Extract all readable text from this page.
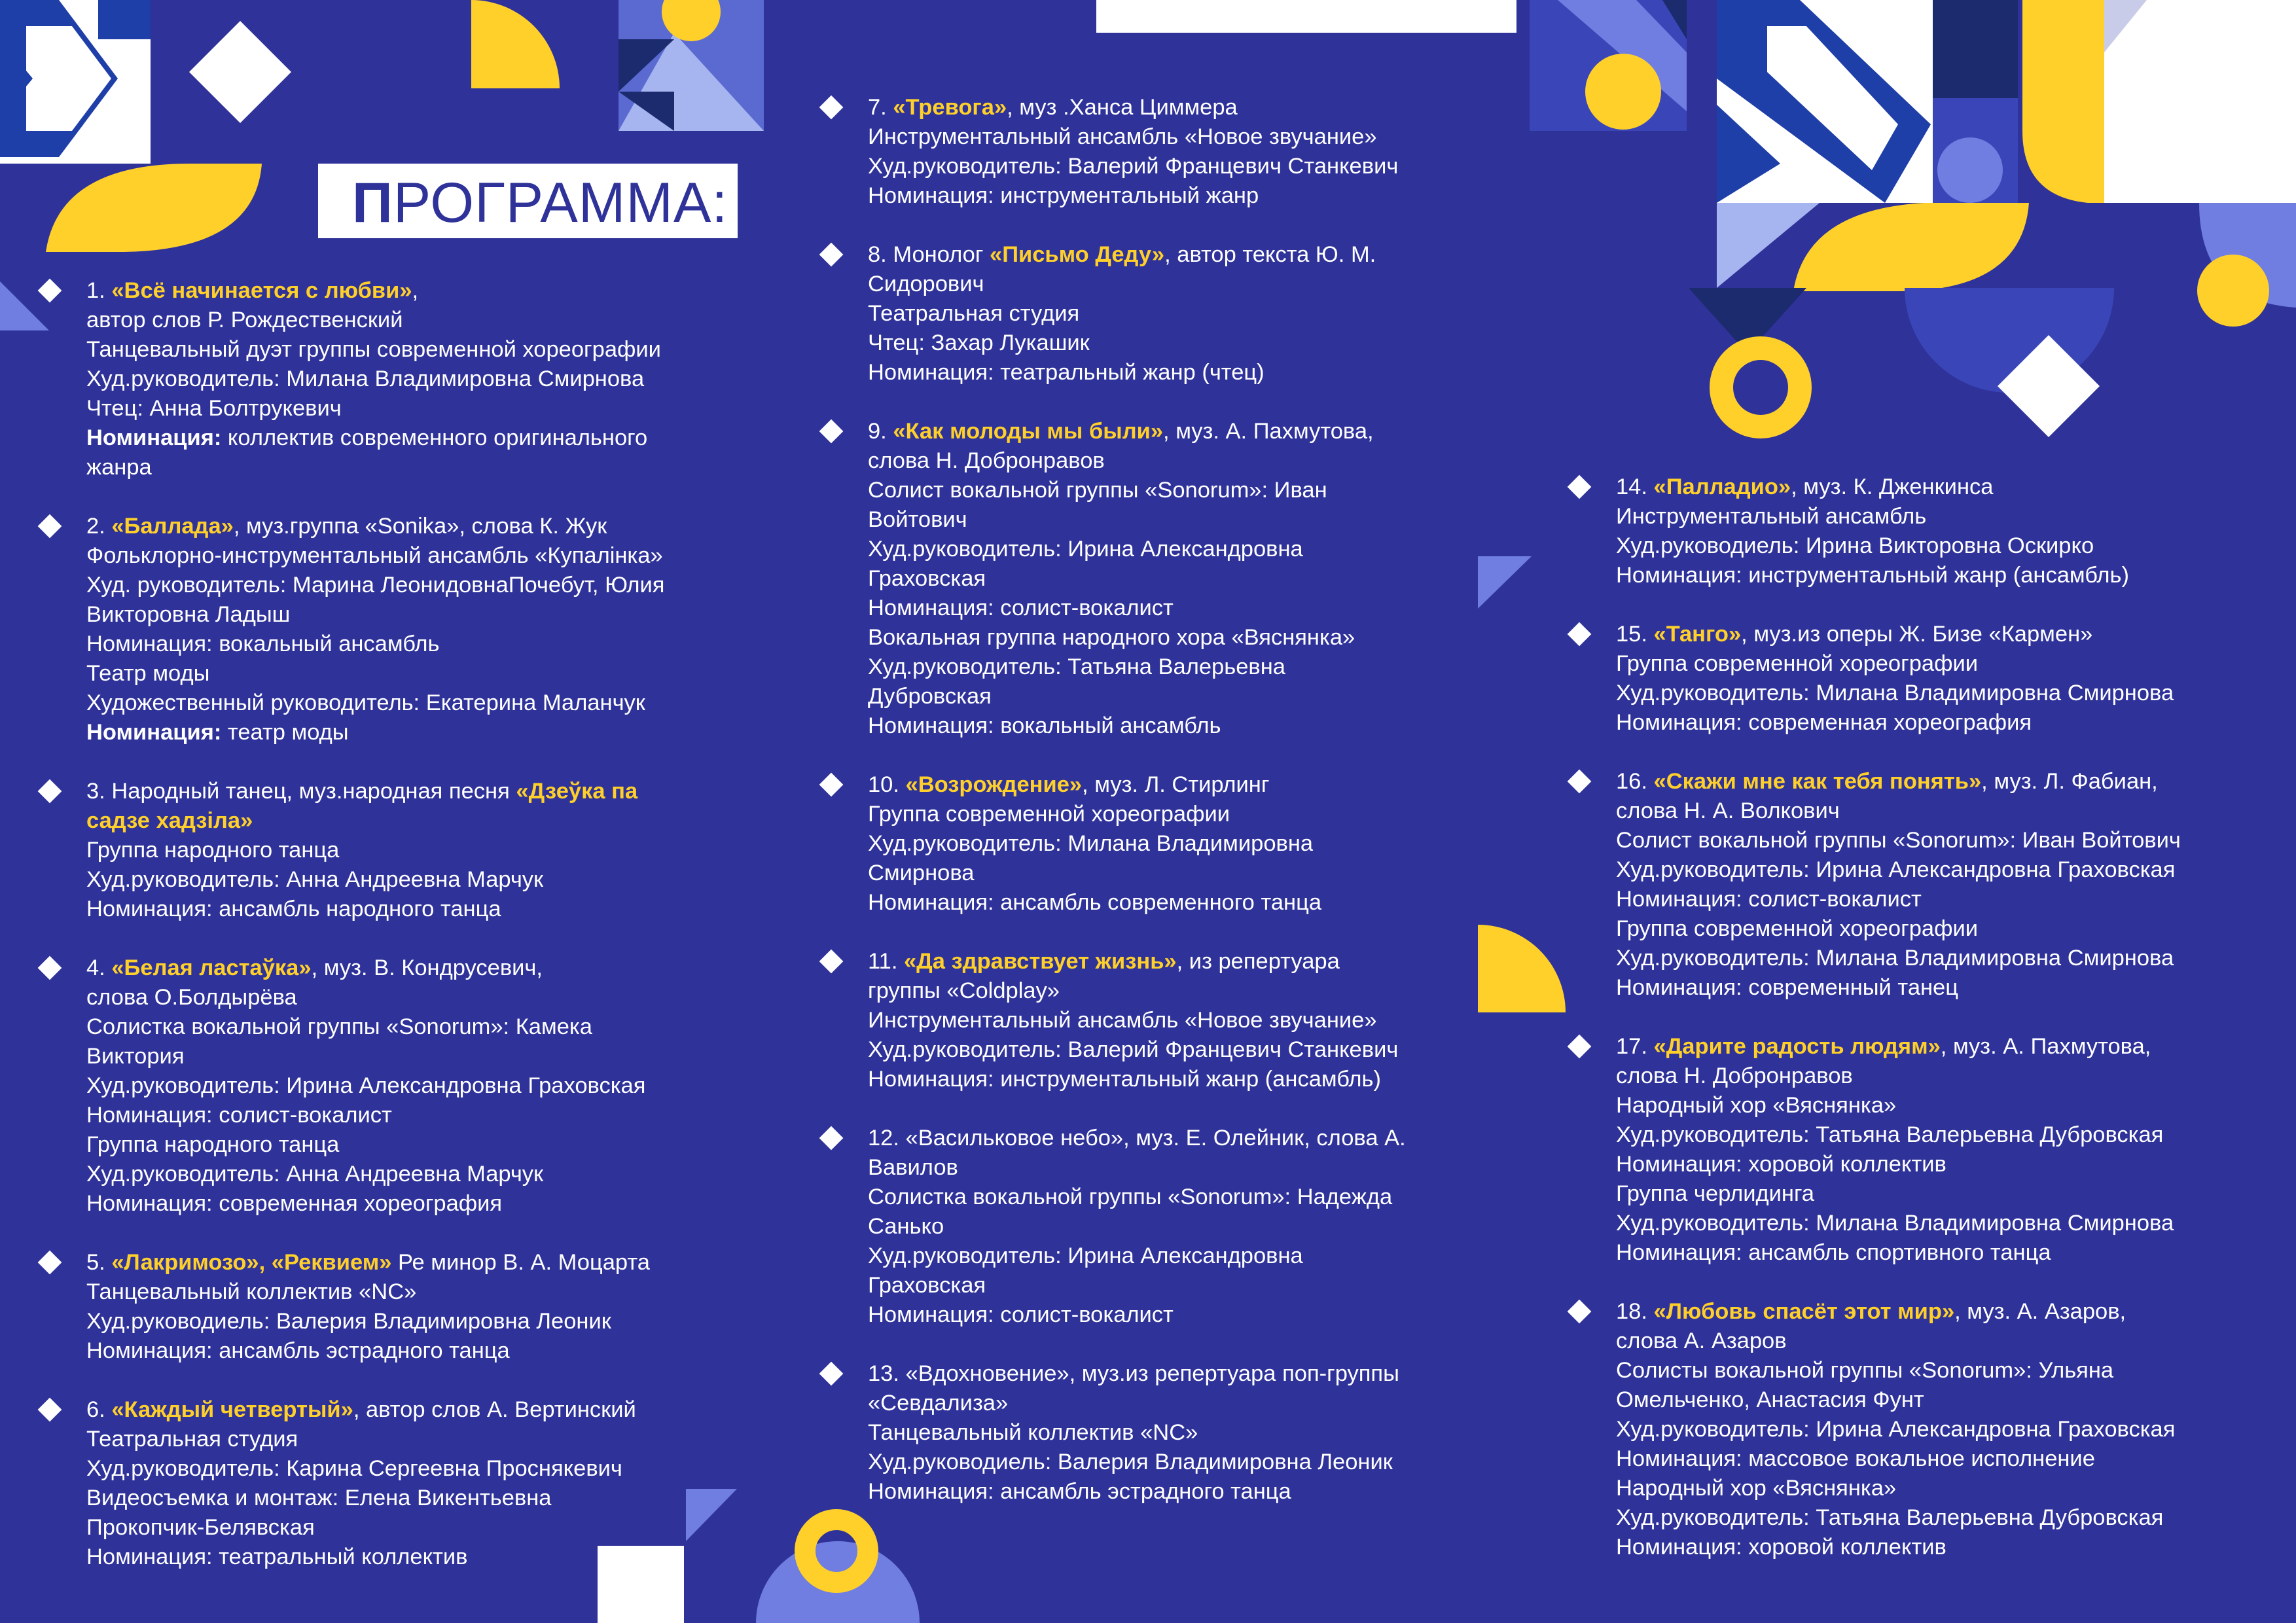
ПРОГРАММА:
1. «Всё начинается с любви»,
автор слов Р. Рождественский
Танцевальный дуэт группы современной хореографии
Худ.руководитель: Милана Владимировна Смирнова
Чтец: Анна Болтрукевич
Номинация: коллектив современного оригинального
жанра
2. «Баллада», муз.группа «Sonika», слова К. Жук
Фольклорно-инструментальный ансамбль «Купалінка»
Худ. руководитель: Марина ЛеонидовнаПочебут, Юлия
Викторовна Ладыш
Номинация: вокальный ансамбль
Театр моды
Художественный руководитель: Екатерина Маланчук
Номинация: театр моды
3. Народный танец, муз.народная песня «Дзеўка па
садзе хадзіла»
Группа народного танца
Худ.руководитель: Анна Андреевна Марчук
Номинация: ансамбль народного танца
4. «Белая ластаўка», муз. В. Кондрусевич,
слова О.Болдырёва
Солистка вокальной группы «Sonorum»: Камека
Виктория
Худ.руководитель: Ирина Александровна Граховская
Номинация: солист-вокалист
Группа народного танца
Худ.руководитель: Анна Андреевна Марчук
Номинация: современная хореография
5. «Лакримозо», «Реквием» Ре минор В. А. Моцарта
Танцевальный коллектив «NC»
Худ.руководиель: Валерия Владимировна Леоник
Номинация: ансамбль эстрадного танца
6. «Каждый четвертый», автор слов А. Вертинский
Театральная студия
Худ.руководитель: Карина Сергеевна Проснякевич
Видеосъемка и монтаж: Елена Викентьевна
Прокопчик-Белявская
Номинация: театральный коллектив
7. «Тревога», муз .Ханса Циммера
Инструментальный ансамбль «Новое звучание»
Худ.руководитель: Валерий Францевич Станкевич
Номинация: инструментальный жанр
8. Монолог «Письмо Деду», автор текста Ю. М.
Сидорович
Театральная студия
Чтец: Захар Лукашик
Номинация: театральный жанр (чтец)
9. «Как молоды мы были», муз. А. Пахмутова,
слова Н. Добронравов
Солист вокальной группы «Sonorum»: Иван
Войтович
Худ.руководитель: Ирина Александровна
Граховская
Номинация: солист-вокалист
Вокальная группа народного хора «Вяснянка»
Худ.руководитель: Татьяна Валерьевна
Дубровская
Номинация: вокальный ансамбль
10. «Возрождение», муз. Л. Стирлинг
Группа современной хореографии
Худ.руководитель: Милана Владимировна
Смирнова
Номинация: ансамбль современного танца
11. «Да здравствует жизнь», из репертуара
группы «Coldplay»
Инструментальный ансамбль «Новое звучание»
Худ.руководитель: Валерий Францевич Станкевич
Номинация: инструментальный жанр (ансамбль)
12. «Васильковое небо», муз. Е. Олейник, слова А.
Вавилов
Солистка вокальной группы «Sonorum»: Надежда
Санько
Худ.руководитель: Ирина Александровна
Граховская
Номинация: солист-вокалист
13. «Вдохновение», муз.из репертуара поп-группы
«Севдализа»
Танцевальный коллектив «NC»
Худ.руководиель: Валерия Владимировна Леоник
Номинация: ансамбль эстрадного танца
14. «Палладио», муз. К. Дженкинса
Инструментальный ансамбль
Худ.руководиель: Ирина Викторовна Оскирко
Номинация: инструментальный жанр (ансамбль)
15. «Танго», муз.из оперы Ж. Бизе «Кармен»
Группа современной хореографии
Худ.руководитель: Милана Владимировна Смирнова
Номинация: современная хореография
16. «Скажи мне как тебя понять», муз. Л. Фабиан,
слова Н. А. Волкович
Солист вокальной группы «Sonorum»: Иван Войтович
Худ.руководитель: Ирина Александровна Граховская
Номинация: солист-вокалист
Группа современной хореографии
Худ.руководитель: Милана Владимировна Смирнова
Номинация: современный танец
17. «Дарите радость людям», муз. А. Пахмутова,
слова Н. Добронравов
Народный хор «Вяснянка»
Худ.руководитель: Татьяна Валерьевна Дубровская
Номинация: хоровой коллектив
Группа черлидинга
Худ.руководитель: Милана Владимировна Смирнова
Номинация: ансамбль спортивного танца
18. «Любовь спасёт этот мир», муз. А. Азаров,
слова А. Азаров
Солисты вокальной группы «Sonorum»: Ульяна
Омельченко, Анастасия Фунт
Худ.руководитель: Ирина Александровна Граховская
Номинация: массовое вокальное исполнение
Народный хор «Вяснянка»
Худ.руководитель: Татьяна Валерьевна Дубровская
Номинация: хоровой коллектив
